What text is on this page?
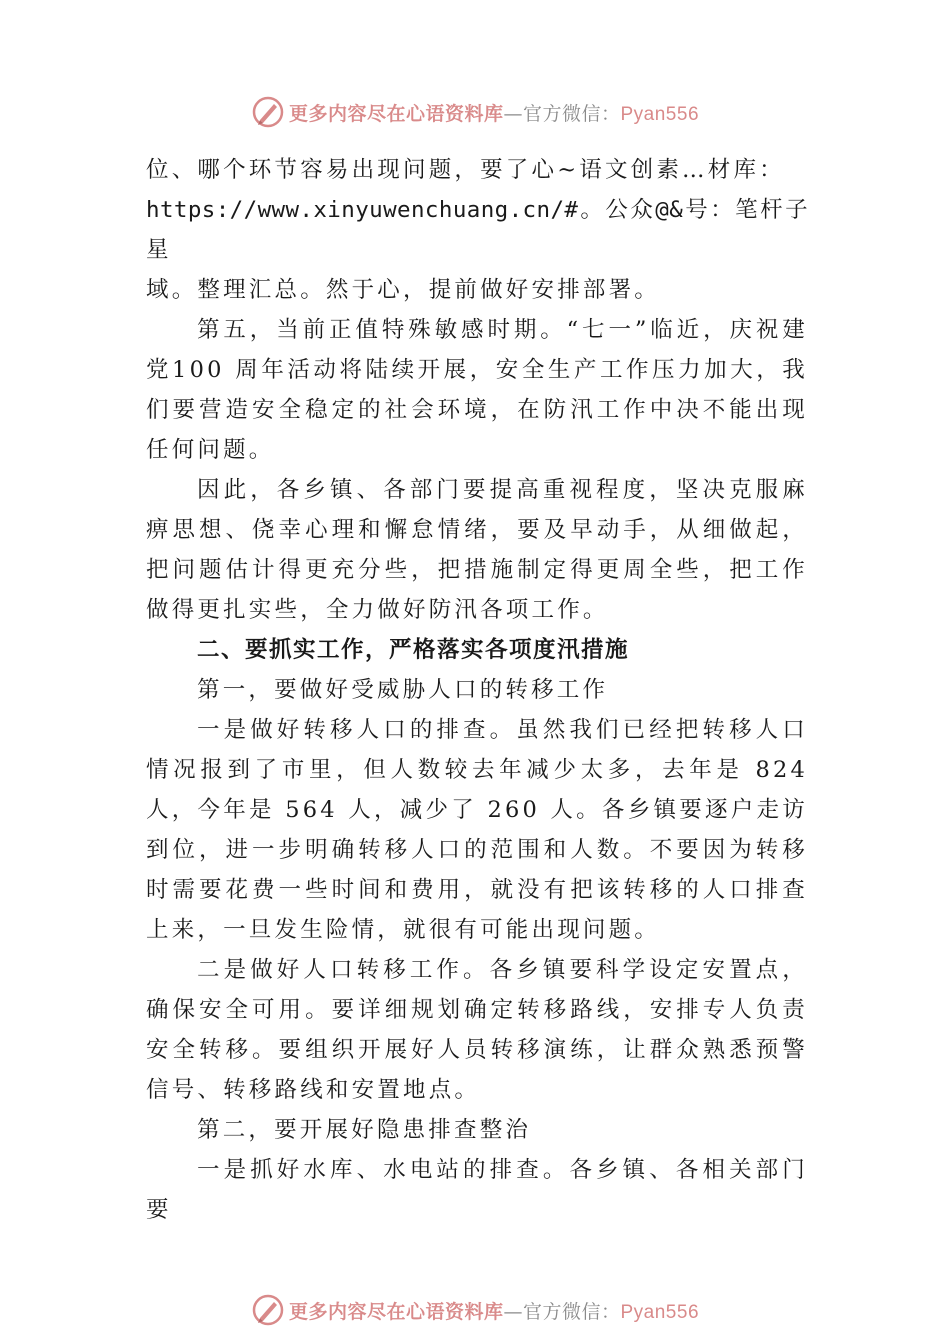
更多内容尽在心语资料库—官方微信：Pyan556

位、哪个环节容易出现问题，要了心~语文创素…材库：

https://www.xinyuwenchuang.cn/#。公众@&号：笔杆子星

域。整理汇总。然于心，提前做好安排部署。

第五，当前正值特殊敏感时期。“七一”临近，庆祝建党100 周年活动将陆续开展，安全生产工作压力加大，我们要营造安全稳定的社会环境，在防汛工作中决不能出现任何问题。

因此，各乡镇、各部门要提高重视程度，坚决克服麻痹思想、侥幸心理和懈怠情绪，要及早动手，从细做起，把问题估计得更充分些，把措施制定得更周全些，把工作做得更扎实些，全力做好防汛各项工作。

二、要抓实工作，严格落实各项度汛措施

第一，要做好受威胁人口的转移工作

一是做好转移人口的排查。虽然我们已经把转移人口情况报到了市里，但人数较去年减少太多，去年是 824 人，今年是 564 人，减少了 260 人。各乡镇要逐户走访到位，进一步明确转移人口的范围和人数。不要因为转移时需要花费一些时间和费用，就没有把该转移的人口排查上来，一旦发生险情，就很有可能出现问题。

二是做好人口转移工作。各乡镇要科学设定安置点，确保安全可用。要详细规划确定转移路线，安排专人负责安全转移。要组织开展好人员转移演练，让群众熟悉预警信号、转移路线和安置地点。

第二，要开展好隐患排查整治

一是抓好水库、水电站的排查。各乡镇、各相关部门要

更多内容尽在心语资料库—官方微信：Pyan556
